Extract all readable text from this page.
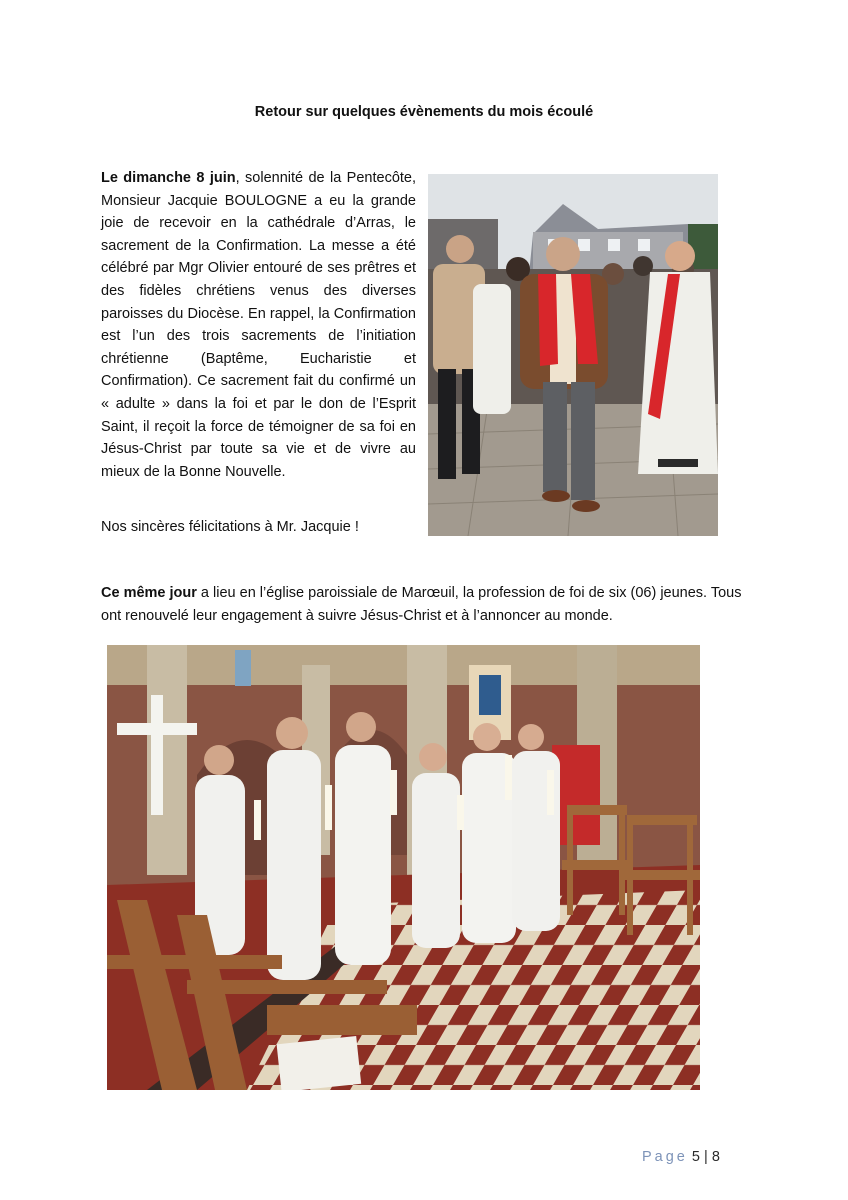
Retour sur quelques évènements du mois écoulé
Le dimanche 8 juin, solennité de la Pentecôte, Monsieur Jacquie BOULOGNE a eu la grande joie de recevoir en la cathédrale d’Arras, le sacrement de la Confirmation. La messe a été célébré par Mgr Olivier entouré de ses prêtres et des fidèles chrétiens venus des diverses paroisses du Diocèse. En rappel, la Confirmation est l’un des trois sacrements de l’initiation chrétienne (Baptême, Eucharistie et Confirmation). Ce sacrement fait du confirmé un « adulte » dans la foi et par le don de l’Esprit Saint, il reçoit la force de témoigner de sa foi en Jésus-Christ par toute sa vie et de vivre au mieux de la Bonne Nouvelle.
Nos sincères félicitations à Mr. Jacquie !
Ce même jour a lieu en l’église paroissiale de Marœuil, la profession de foi de six (06) jeunes. Tous ont renouvelé leur engagement à suivre Jésus-Christ et à l’annoncer au monde.
Page 5 | 8
